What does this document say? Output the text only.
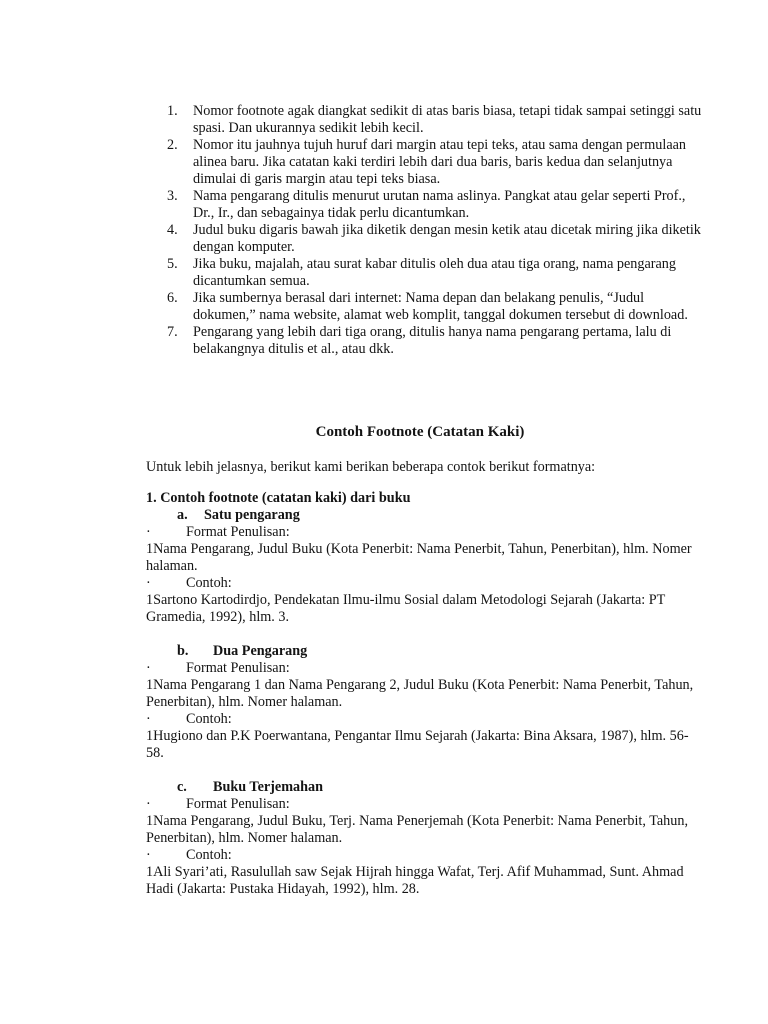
1. Nomor footnote agak diangkat sedikit di atas baris biasa, tetapi tidak sampai setinggi satu spasi. Dan ukurannya sedikit lebih kecil.
2. Nomor itu jauhnya tujuh huruf dari margin atau tepi teks, atau sama dengan permulaan alinea baru. Jika catatan kaki terdiri lebih dari dua baris, baris kedua dan selanjutnya dimulai di garis margin atau tepi teks biasa.
3. Nama pengarang ditulis menurut urutan nama aslinya. Pangkat atau gelar seperti Prof., Dr., Ir., dan sebagainya tidak perlu dicantumkan.
4. Judul buku digaris bawah jika diketik dengan mesin ketik atau dicetak miring jika diketik dengan komputer.
5. Jika buku, majalah, atau surat kabar ditulis oleh dua atau tiga orang, nama pengarang dicantumkan semua.
6. Jika sumbernya berasal dari internet: Nama depan dan belakang penulis, “Judul dokumen,” nama website, alamat web komplit, tanggal dokumen tersebut di download.
7. Pengarang yang lebih dari tiga orang, ditulis hanya nama pengarang pertama, lalu di belakangnya ditulis et al., atau dkk.
Contoh Footnote (Catatan Kaki)
Untuk lebih jelasnya, berikut kami berikan beberapa contok berikut formatnya:
1. Contoh footnote (catatan kaki) dari buku
a. Satu pengarang
· Format Penulisan:
1Nama Pengarang, Judul Buku (Kota Penerbit: Nama Penerbit, Tahun, Penerbitan), hlm. Nomer halaman.
· Contoh:
1Sartono Kartodirdjo, Pendekatan Ilmu-ilmu Sosial dalam Metodologi Sejarah (Jakarta: PT Gramedia, 1992), hlm. 3.
b. Dua Pengarang
· Format Penulisan:
1Nama Pengarang 1 dan Nama Pengarang 2, Judul Buku (Kota Penerbit: Nama Penerbit, Tahun, Penerbitan), hlm. Nomer halaman.
· Contoh:
1Hugiono dan P.K Poerwantana, Pengantar Ilmu Sejarah (Jakarta: Bina Aksara, 1987), hlm. 56-58.
c. Buku Terjemahan
· Format Penulisan:
1Nama Pengarang, Judul Buku, Terj. Nama Penerjemah (Kota Penerbit: Nama Penerbit, Tahun, Penerbitan), hlm. Nomer halaman.
· Contoh:
1Ali Syari’ati, Rasulullah saw Sejak Hijrah hingga Wafat, Terj. Afif Muhammad, Sunt. Ahmad Hadi (Jakarta: Pustaka Hidayah, 1992), hlm. 28.
